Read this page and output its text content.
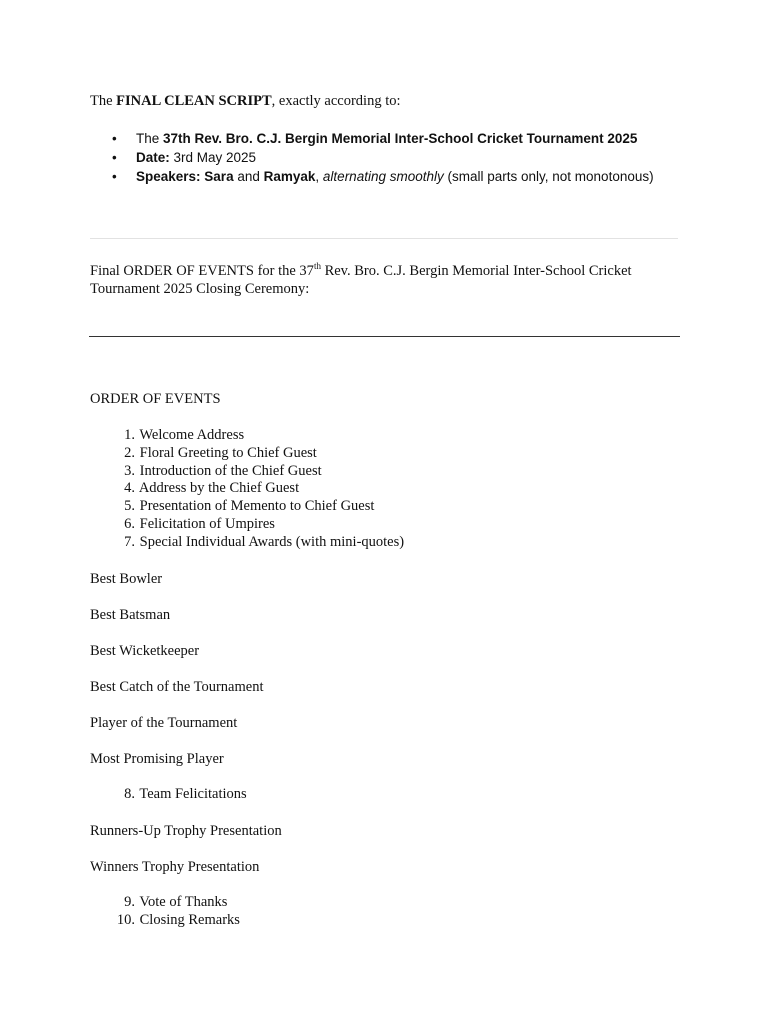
The FINAL CLEAN SCRIPT, exactly according to:
• The 37th Rev. Bro. C.J. Bergin Memorial Inter-School Cricket Tournament 2025
• Date: 3rd May 2025
• Speakers: Sara and Ramyak, alternating smoothly (small parts only, not monotonous)
Final ORDER OF EVENTS for the 37th Rev. Bro. C.J. Bergin Memorial Inter-School Cricket Tournament 2025 Closing Ceremony:
ORDER OF EVENTS
1. Welcome Address
2. Floral Greeting to Chief Guest
3. Introduction of the Chief Guest
4. Address by the Chief Guest
5. Presentation of Memento to Chief Guest
6. Felicitation of Umpires
7. Special Individual Awards (with mini-quotes)
Best Bowler
Best Batsman
Best Wicketkeeper
Best Catch of the Tournament
Player of the Tournament
Most Promising Player
8. Team Felicitations
Runners-Up Trophy Presentation
Winners Trophy Presentation
9. Vote of Thanks
10. Closing Remarks
